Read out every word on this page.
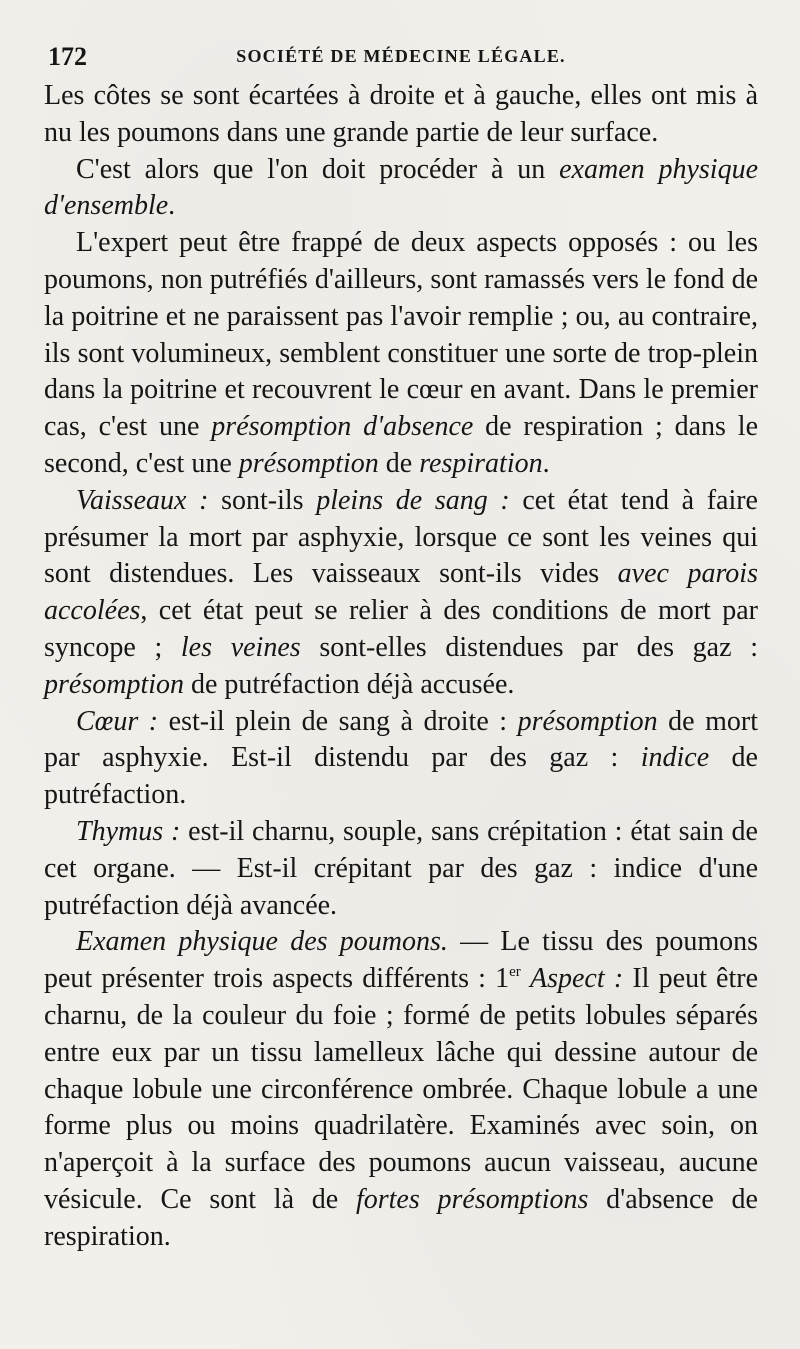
172	SOCIÉTÉ DE MÉDECINE LÉGALE.

Les côtes se sont écartées à droite et à gauche, elles ont mis à nu les poumons dans une grande partie de leur surface.

C'est alors que l'on doit procéder à un examen physique d'ensemble.

L'expert peut être frappé de deux aspects opposés : ou les poumons, non putréfiés d'ailleurs, sont ramassés vers le fond de la poitrine et ne paraissent pas l'avoir remplie ; ou, au contraire, ils sont volumineux, semblent constituer une sorte de trop-plein dans la poitrine et recouvrent le cœur en avant. Dans le premier cas, c'est une présomption d'absence de respiration ; dans le second, c'est une présomption de respiration.

Vaisseaux : sont-ils pleins de sang : cet état tend à faire présumer la mort par asphyxie, lorsque ce sont les veines qui sont distendues. Les vaisseaux sont-ils vides avec parois accolées, cet état peut se relier à des conditions de mort par syncope ; les veines sont-elles distendues par des gaz : présomption de putréfaction déjà accusée.

Cœur : est-il plein de sang à droite : présomption de mort par asphyxie. Est-il distendu par des gaz : indice de putréfaction.

Thymus : est-il charnu, souple, sans crépitation : état sain de cet organe. — Est-il crépitant par des gaz : indice d'une putréfaction déjà avancée.

Examen physique des poumons. — Le tissu des poumons peut présenter trois aspects différents : 1er Aspect : Il peut être charnu, de la couleur du foie ; formé de petits lobules séparés entre eux par un tissu lamelleux lâche qui dessine autour de chaque lobule une circonférence ombrée. Chaque lobule a une forme plus ou moins quadrilatère. Examinés avec soin, on n'aperçoit à la surface des poumons aucun vaisseau, aucune vésicule. Ce sont là de fortes présomptions d'absence de respiration.
